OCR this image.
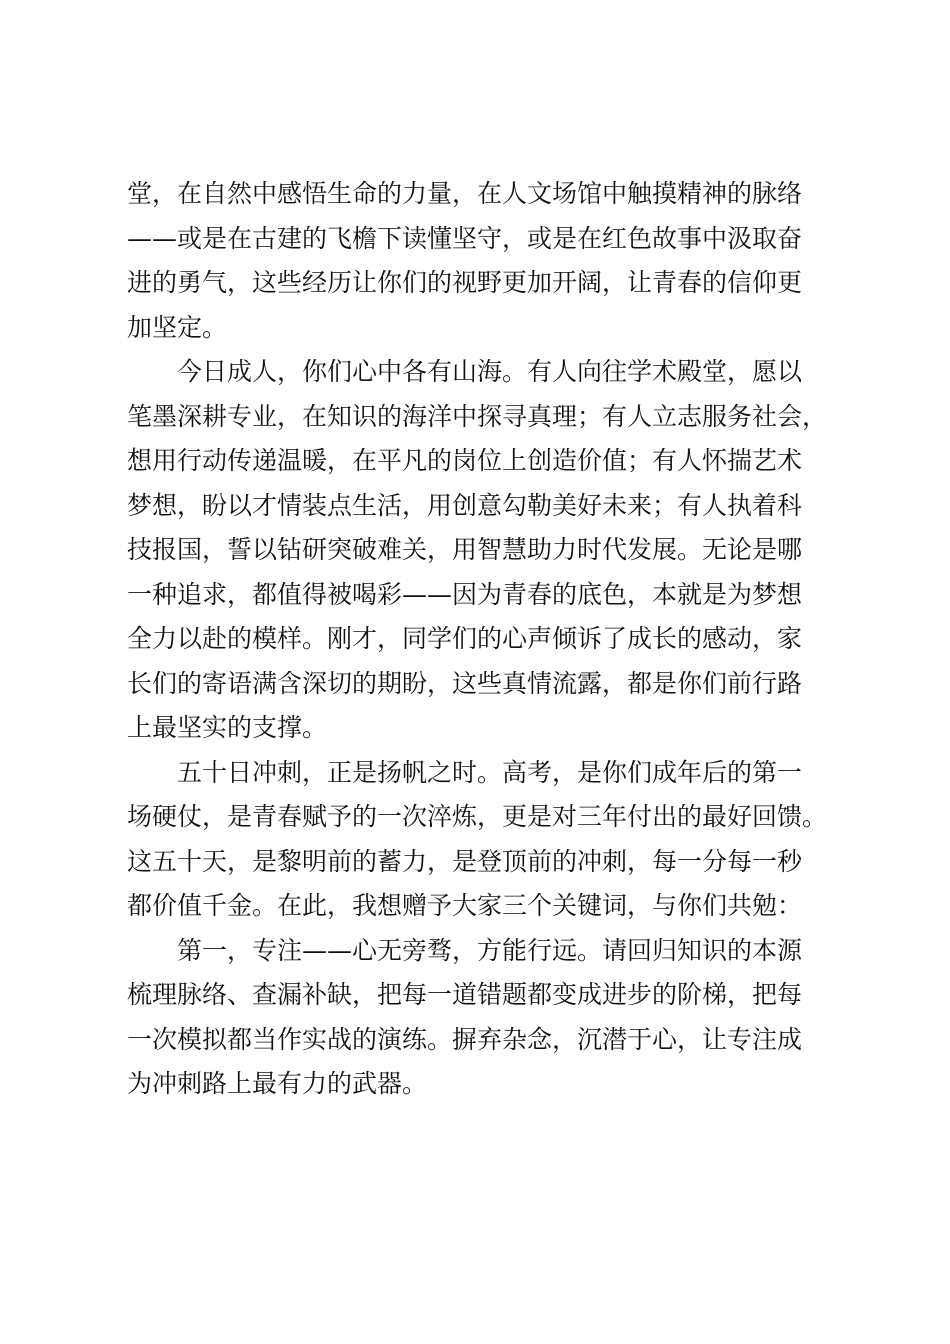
堂，在自然中感悟生命的力量，在人文场馆中触摸精神的脉络
——或是在古建的飞檐下读懂坚守，或是在红色故事中汲取奋
进的勇气，这些经历让你们的视野更加开阔，让青春的信仰更
加坚定。
今日成人，你们心中各有山海。有人向往学术殿堂，愿以
笔墨深耕专业，在知识的海洋中探寻真理；有人立志服务社会，
想用行动传递温暖，在平凡的岗位上创造价值；有人怀揣艺术
梦想，盼以才情装点生活，用创意勾勒美好未来；有人执着科
技报国，誓以钻研突破难关，用智慧助力时代发展。无论是哪
一种追求，都值得被喝彩——因为青春的底色，本就是为梦想
全力以赴的模样。刚才，同学们的心声倾诉了成长的感动，家
长们的寄语满含深切的期盼，这些真情流露，都是你们前行路
上最坚实的支撑。
五十日冲刺，正是扬帆之时。高考，是你们成年后的第一
场硬仗，是青春赋予的一次淬炼，更是对三年付出的最好回馈。
这五十天，是黎明前的蓄力，是登顶前的冲刺，每一分每一秒
都价值千金。在此，我想赠予大家三个关键词，与你们共勉：
第一，专注——心无旁骛，方能行远。请回归知识的本源
梳理脉络、查漏补缺，把每一道错题都变成进步的阶梯，把每
一次模拟都当作实战的演练。摒弃杂念，沉潜于心，让专注成
为冲刺路上最有力的武器。
